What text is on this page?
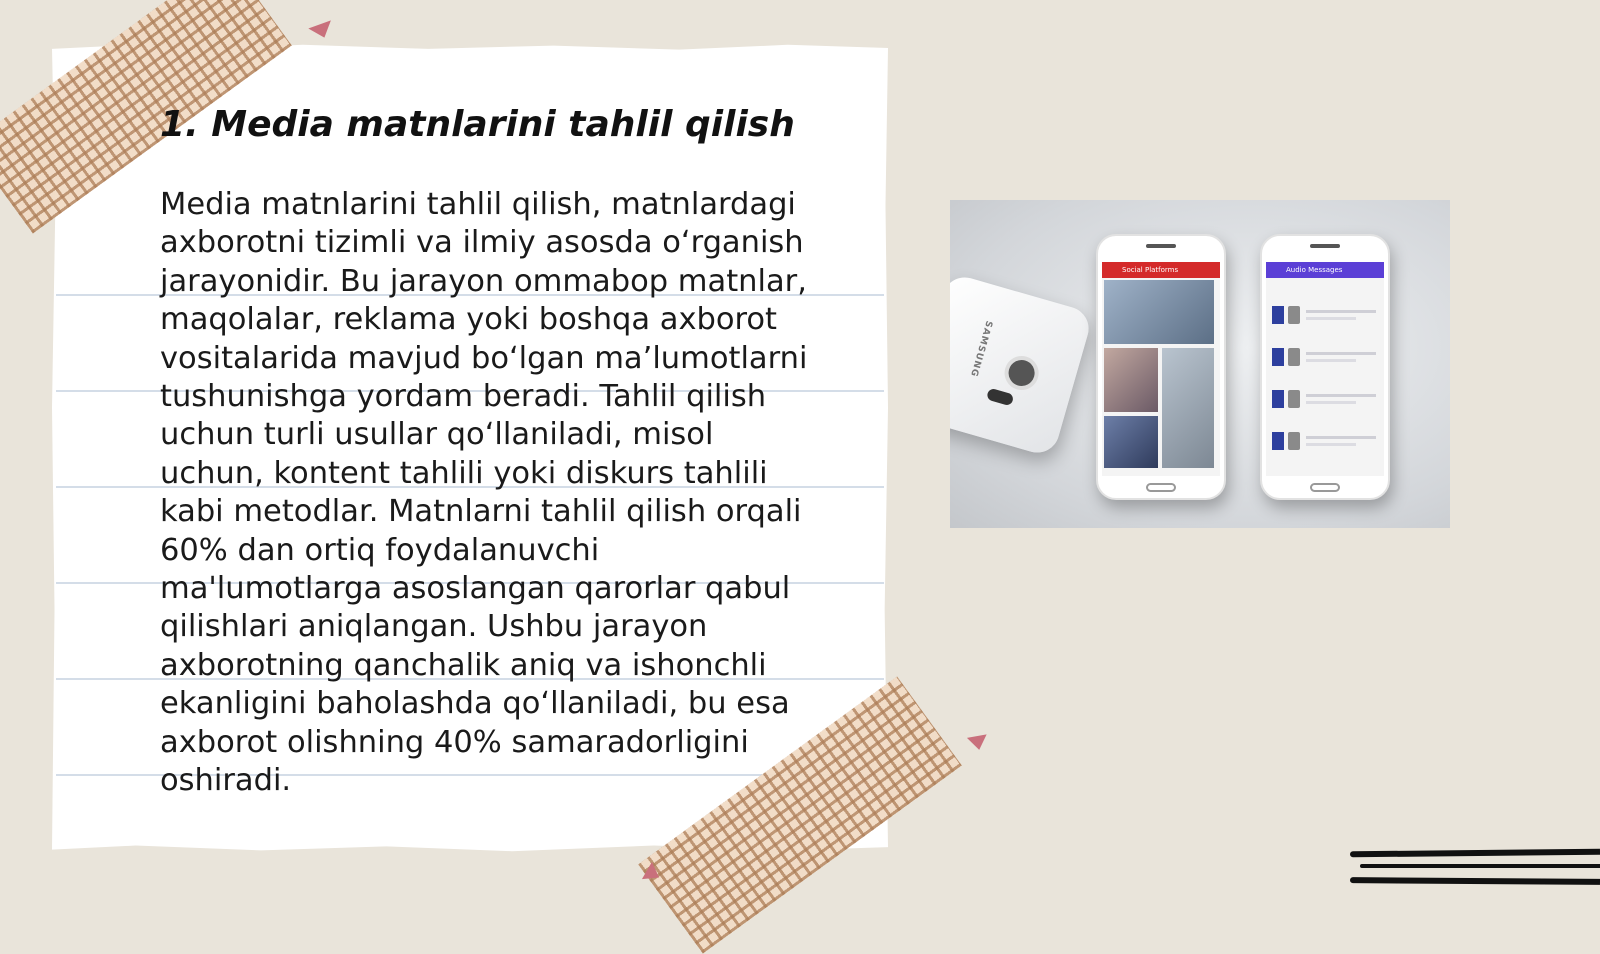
1. Media matnlarini tahlil qilish

Media matnlarini tahlil qilish, matnlardagi axborotni tizimli va ilmiy asosda oʻrganish jarayonidir. Bu jarayon ommabop matnlar, maqolalar, reklama yoki boshqa axborot vositalarida mavjud boʻlgan maʼlumotlarni tushunishga yordam beradi. Tahlil qilish uchun turli usullar qoʻllaniladi, misol uchun, kontent tahlili yoki diskurs tahlili kabi metodlar. Matnlarni tahlil qilish orqali 60% dan ortiq foydalanuvchi ma'lumotlarga asoslangan qarorlar qabul qilishlari aniqlangan. Ushbu jarayon axborotning qanchalik aniq va ishonchli ekanligini baholashda qoʻllaniladi, bu esa axborot olishning 40% samaradorligini oshiradi.

SAMSUNG
Social Platforms	Audio Messages
